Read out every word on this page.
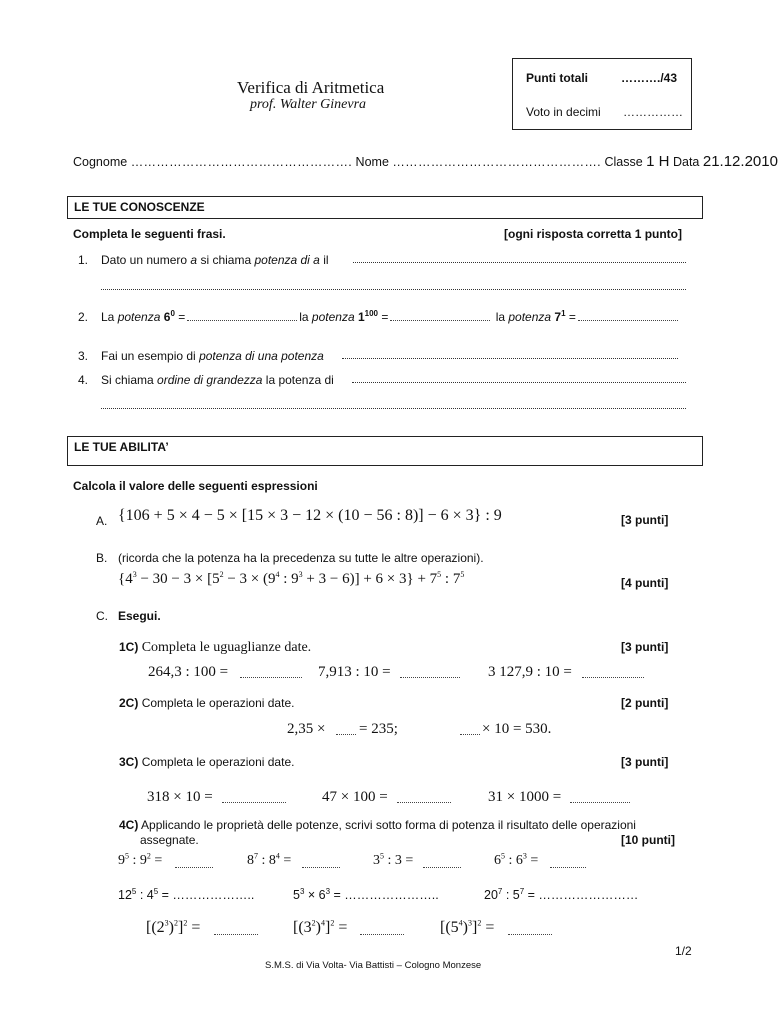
Verifica di Aritmetica
prof. Walter Ginevra
Punti totali	………./43
Voto in decimi ……………
Cognome ……………………………………………. Nome …………………………………………. Classe 1 H Data 21.12.2010
LE TUE CONOSCENZE
Completa le seguenti frasi.	[ogni risposta corretta 1 punto]
1. Dato un numero a si chiama potenza di a il
2. La potenza $6^0$ =	la potenza $1^{100}$ =	la potenza $7^1$ =
3. Fai un esempio di potenza di una potenza
4. Si chiama ordine di grandezza la potenza di
LE TUE ABILITA’
Calcola il valore delle seguenti espressioni
A. {106 + 5 × 4 − 5 × [15 × 3 − 12 × (10 − 56 : 8)] − 6 × 3} : 9	[3 punti]
B. (ricorda che la potenza ha la precedenza su tutte le altre operazioni).
{$4^3 - 30 - 3 \times [5^2 - 3 \times (9^4$ : $9^3 + 3 - 6)] + 6 \times 3\} + 7^5$ : $7^5$
[4 punti]
C. Esegui.
1C) Completa le uguaglianze date.	[3 punti]
264,3 : 100 =	7,913 : 10 =	3 127,9 : 10 =
2C) Completa le operazioni date.	[2 punti]
2,35 × = 235;	× 10 = 530.
3C) Completa le operazioni date.	[3 punti]
318 × 10 =	47 × 100 =	31 × 1000 =
4C) Applicando le proprietà delle potenze, scrivi sotto forma di potenza il risultato delle operazioni
assegnate.	[10 punti]
$9^5$ : $9^2$ =	$8^7$ : $8^4$ =	$3^5$ : 3 =	$6^5$ : $6^3$ =
$12^5$ : $4^5$ = ………………..	$5^3 \times 6^3$ = …………………..	$20^7$ : $5^7$ = ……………………
$[(2^3)^2]^2$ =	$[(3^2)^4]^2$ =	$[(5^4)^3]^2$ =
1/2
S.M.S. di Via Volta- Via Battisti – Cologno Monzese
